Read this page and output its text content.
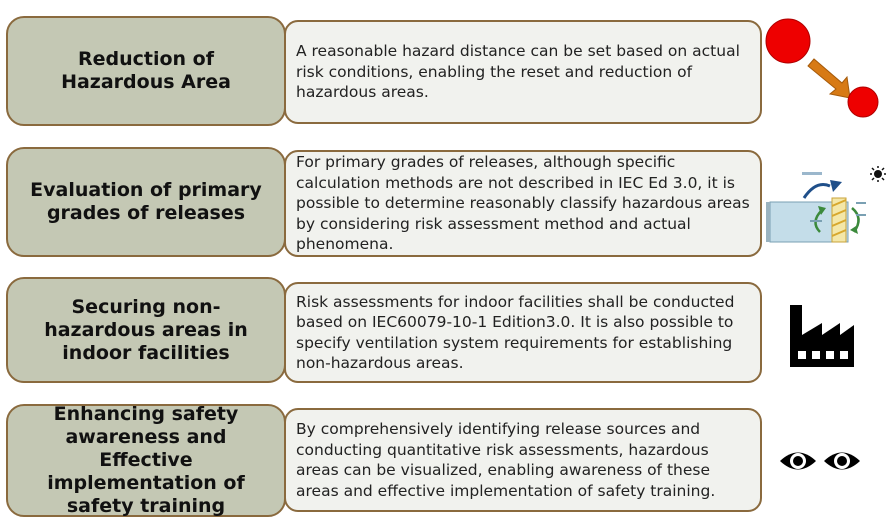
Reduction of Hazardous Area
A reasonable hazard distance can be set based on actual risk conditions, enabling the reset and reduction of hazardous areas.
Evaluation of primary grades of releases
For primary grades of releases, although specific calculation methods are not described in IEC Ed 3.0, it is possible to determine reasonably classify hazardous areas by considering risk assessment method and actual phenomena.
Securing non-hazardous areas in indoor facilities
Risk assessments for indoor facilities shall be conducted based on IEC60079-10-1 Edition3.0. It is also possible to specify ventilation system requirements for establishing non-hazardous areas.
Enhancing safety awareness and Effective implementation of safety training
By comprehensively identifying release sources and conducting quantitative risk assessments, hazardous areas can be visualized, enabling awareness of these areas and effective implementation of safety training.
